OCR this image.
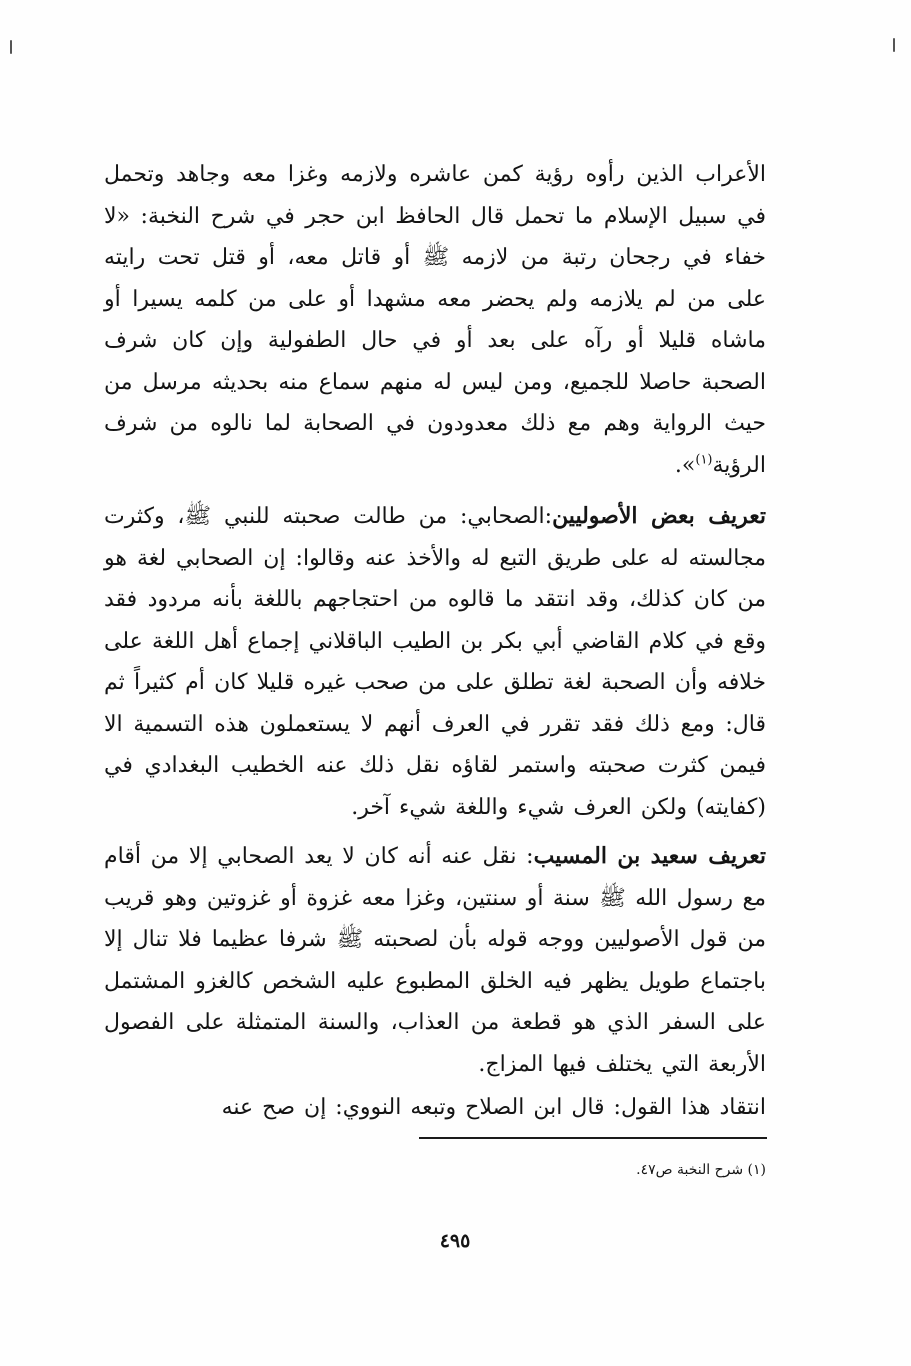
الأعراب الذين رأوه رؤية كمن عاشره ولازمه وغزا معه وجاهد وتحمل في سبيل الإسلام ما تحمل قال الحافظ ابن حجر في شرح النخبة: «لا خفاء في رجحان رتبة من لازمه ﷺ أو قاتل معه، أو قتل تحت رايته على من لم يلازمه ولم يحضر معه مشهدا أو على من كلمه يسيرا أو ماشاه قليلا أو رآه على بعد أو في حال الطفولية وإن كان شرف الصحبة حاصلا للجميع، ومن ليس له منهم سماع منه بحديثه مرسل من حيث الرواية وهم مع ذلك معدودون في الصحابة لما نالوه من شرف الرؤية$^{(١)}$».

تعريف بعض الأصوليين:الصحابي: من طالت صحبته للنبي ﷺ، وكثرت مجالسته له على طريق التبع له والأخذ عنه وقالوا: إن الصحابي لغة هو من كان كذلك، وقد انتقد ما قالوه من احتجاجهم باللغة بأنه مردود فقد وقع في كلام القاضي أبي بكر بن الطيب الباقلاني إجماع أهل اللغة على خلافه وأن الصحبة لغة تطلق على من صحب غيره قليلا كان أم كثيراً ثم قال: ومع ذلك فقد تقرر في العرف أنهم لا يستعملون هذه التسمية الا فيمن كثرت صحبته واستمر لقاؤه نقل ذلك عنه الخطيب البغدادي في (كفايته) ولكن العرف شيء واللغة شيء آخر.

تعريف سعيد بن المسيب: نقل عنه أنه كان لا يعد الصحابي إلا من أقام مع رسول الله ﷺ سنة أو سنتين، وغزا معه غزوة أو غزوتين وهو قريب من قول الأصوليين ووجه قوله بأن لصحبته ﷺ شرفا عظيما فلا تنال إلا باجتماع طويل يظهر فيه الخلق المطبوع عليه الشخص كالغزو المشتمل على السفر الذي هو قطعة من العذاب، والسنة المتمثلة على الفصول الأربعة التي يختلف فيها المزاج.

انتقاد هذا القول: قال ابن الصلاح وتبعه النووي: إن صح عنه

(١) شرح النخبة ص٤٧.
٤٩٥
